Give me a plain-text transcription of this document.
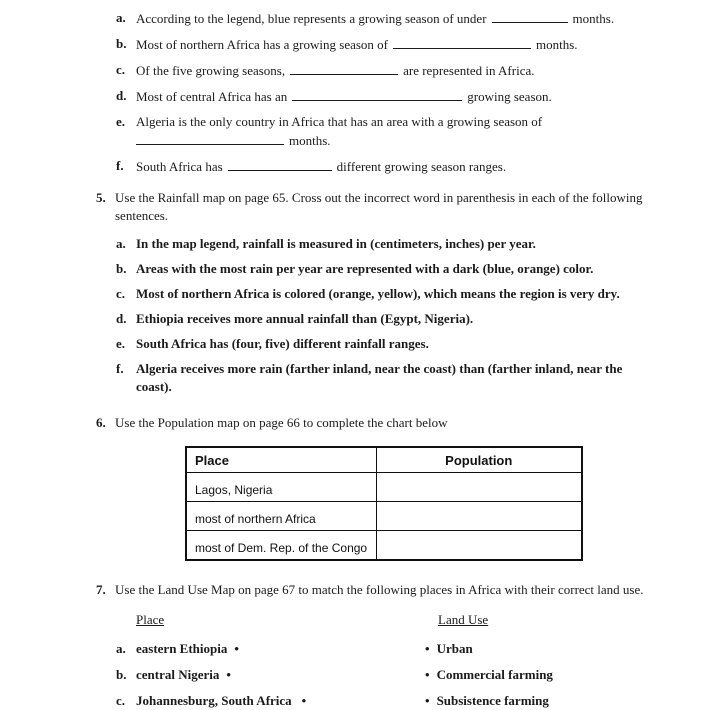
a. According to the legend, blue represents a growing season of under	months.
b. Most of northern Africa has a growing season of	months.
c. Of the five growing seasons,	are represented in Africa.
d. Most of central Africa has an	growing season.
e. Algeria is the only country in Africa that has an area with a growing season of
months.
f. South Africa has	different growing season ranges.
5. Use the Rainfall map on page 65. Cross out the incorrect word in parenthesis in each of the following sentences.
a. In the map legend, rainfall is measured in (centimeters, inches) per year.
b. Areas with the most rain per year are represented with a dark (blue, orange) color.
c. Most of northern Africa is colored (orange, yellow), which means the region is very dry.
d. Ethiopia receives more annual rainfall than (Egypt, Nigeria).
e. South Africa has (four, five) different rainfall ranges.
f. Algeria receives more rain (farther inland, near the coast) than (farther inland, near the coast).
6. Use the Population map on page 66 to complete the chart below
Place	Population
Lagos, Nigeria	
most of northern Africa	
most of Dem. Rep. of the Congo	
7. Use the Land Use Map on page 67 to match the following places in Africa with their correct land use.
Place	Land Use
a. eastern Ethiopia •	• Urban
b. central Nigeria •	• Commercial farming
c. Johannesburg, South Africa •	• Subsistence farming
